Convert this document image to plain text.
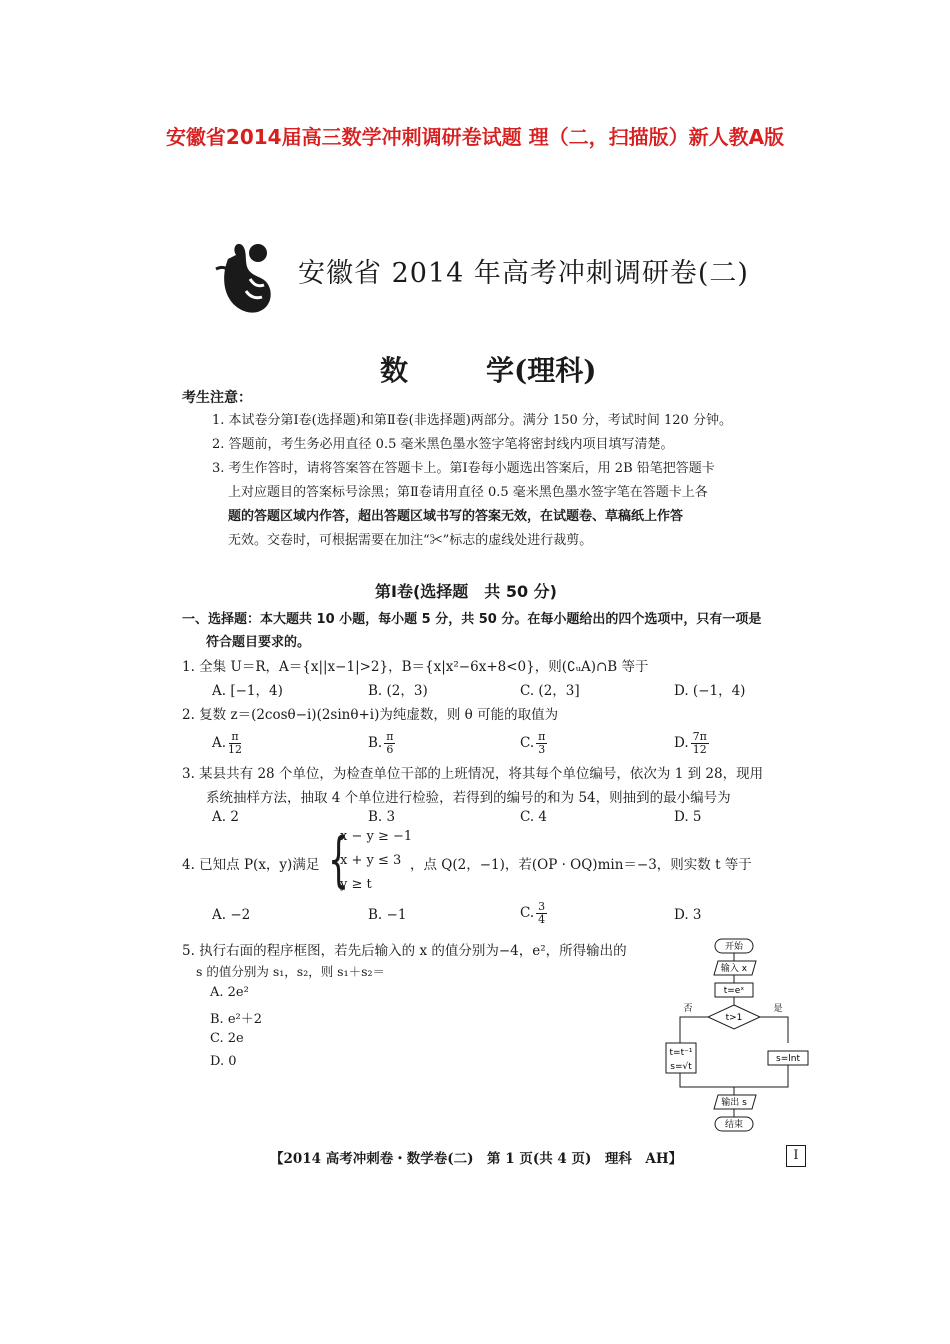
安徽省2014届高三数学冲刺调研卷试题 理（二，扫描版）新人教A版
安徽省 2014 年高考冲刺调研卷(二)
数	学(理科)
考生注意：
1. 本试卷分第Ⅰ卷(选择题)和第Ⅱ卷(非选择题)两部分。满分 150 分，考试时间 120 分钟。
2. 答题前，考生务必用直径 0.5 毫米黑色墨水签字笔将密封线内项目填写清楚。
3. 考生作答时，请将答案答在答题卡上。第Ⅰ卷每小题选出答案后，用 2B 铅笔把答题卡
上对应题目的答案标号涂黑；第Ⅱ卷请用直径 0.5 毫米黑色墨水签字笔在答题卡上各
题的答题区域内作答，超出答题区域书写的答案无效，在试题卷、草稿纸上作答
无效。交卷时，可根据需要在加注“✂”标志的虚线处进行裁剪。
第Ⅰ卷(选择题　共 50 分)
一、选择题：本大题共 10 小题，每小题 5 分，共 50 分。在每小题给出的四个选项中，只有一项是
符合题目要求的。
1. 全集 U＝R，A＝{x||x−1|>2}，B＝{x|x²−6x+8<0}，则(∁ᵤA)∩B 等于
A. [−1，4)	B. (2，3)	C. (2，3]	D. (−1，4)
2. 复数 z＝(2cosθ−i)(2sinθ+i)为纯虚数，则 θ 可能的取值为
A. $\frac{\pi}{12}$	B. $\frac{\pi}{6}$	C. $\frac{\pi}{3}$	D. $\frac{7\pi}{12}$
3. 某县共有 28 个单位，为检查单位干部的上班情况，将其每个单位编号，依次为 1 到 28，现用
系统抽样方法，抽取 4 个单位进行检验，若得到的编号的和为 54，则抽到的最小编号为
A. 2	B. 3	C. 4	D. 5
4. 已知点 P(x，y)满足 {
x − y ≥ −1
x + y ≤ 3
y ≥ t
，点 Q(2，−1)，若(OP · OQ)min＝−3，则实数 t 等于
A. −2	B. −1	C. $\frac{3}{4}$	D. 3
5. 执行右面的程序框图，若先后输入的 x 的值分别为−4，e²，所得输出的
s 的值分别为 s₁，s₂，则 s₁＋s₂＝
A. 2e²
B. e²＋2
C. 2e
D. 0
开始
输入 x
t=eˣ
t>1
否	是
t=t⁻¹
s=√t
s=lnt
输出 s
结束
【2014 高考冲刺卷・数学卷(二)　第 1 页(共 4 页)　理科　AH】	Ⅰ
